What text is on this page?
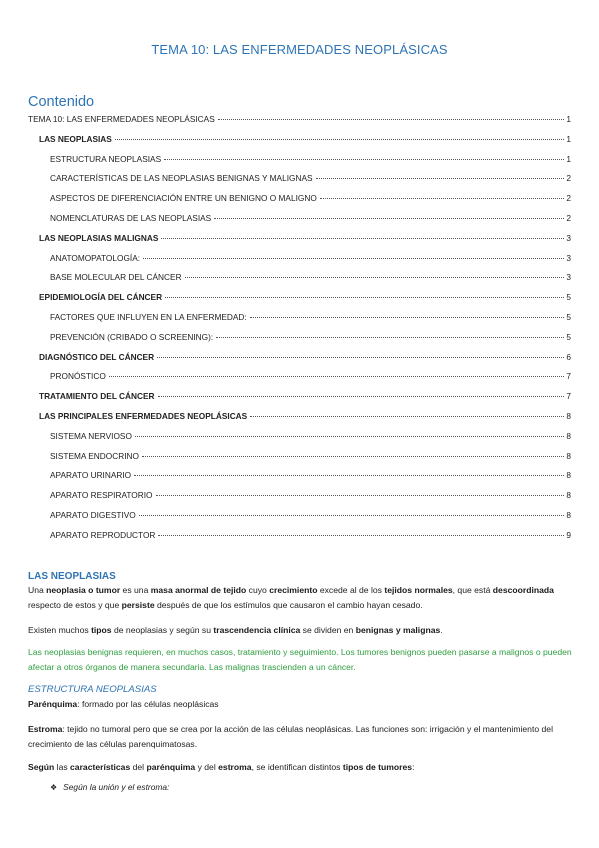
TEMA 10: LAS ENFERMEDADES NEOPLÁSICAS
Contenido
TEMA 10: LAS ENFERMEDADES NEOPLÁSICAS	1
LAS NEOPLASIAS	1
ESTRUCTURA NEOPLASIAS	1
CARACTERÍSTICAS DE LAS NEOPLASIAS BENIGNAS Y MALIGNAS	2
ASPECTOS DE DIFERENCIACIÓN ENTRE UN BENIGNO O MALIGNO	2
NOMENCLATURAS DE LAS NEOPLASIAS	2
LAS NEOPLASIAS MALIGNAS	3
ANATOMOPATOLOGÍA:	3
BASE MOLECULAR DEL CÁNCER	3
EPIDEMIOLOGÍA DEL CÁNCER	5
FACTORES QUE INFLUYEN EN LA ENFERMEDAD:	5
PREVENCIÓN (CRIBADO O SCREENING):	5
DIAGNÓSTICO DEL CÁNCER	6
PRONÓSTICO	7
TRATAMIENTO DEL CÁNCER	7
LAS PRINCIPALES ENFERMEDADES NEOPLÁSICAS	8
SISTEMA NERVIOSO	8
SISTEMA ENDOCRINO	8
APARATO URINARIO	8
APARATO RESPIRATORIO	8
APARATO DIGESTIVO	8
APARATO REPRODUCTOR	9
LAS NEOPLASIAS
Una neoplasia o tumor es una masa anormal de tejido cuyo crecimiento excede al de los tejidos normales, que está descoordinada respecto de estos y que persiste después de que los estímulos que causaron el cambio hayan cesado.
Existen muchos tipos de neoplasias y según su trascendencia clínica se dividen en benignas y malignas.
Las neoplasias benignas requieren, en muchos casos, tratamiento y seguimiento. Los tumores benignos pueden pasarse a malignos o pueden afectar a otros órganos de manera secundaria. Las malignas trascienden a un cáncer.
ESTRUCTURA NEOPLASIAS
Parénquima: formado por las células neoplásicas
Estroma: tejido no tumoral pero que se crea por la acción de las células neoplásicas. Las funciones son: irrigación y el mantenimiento del crecimiento de las células parenquimatosas.
Según las características del parénquima y del estroma, se identifican distintos tipos de tumores:
❖ Según la unión y el estroma:
